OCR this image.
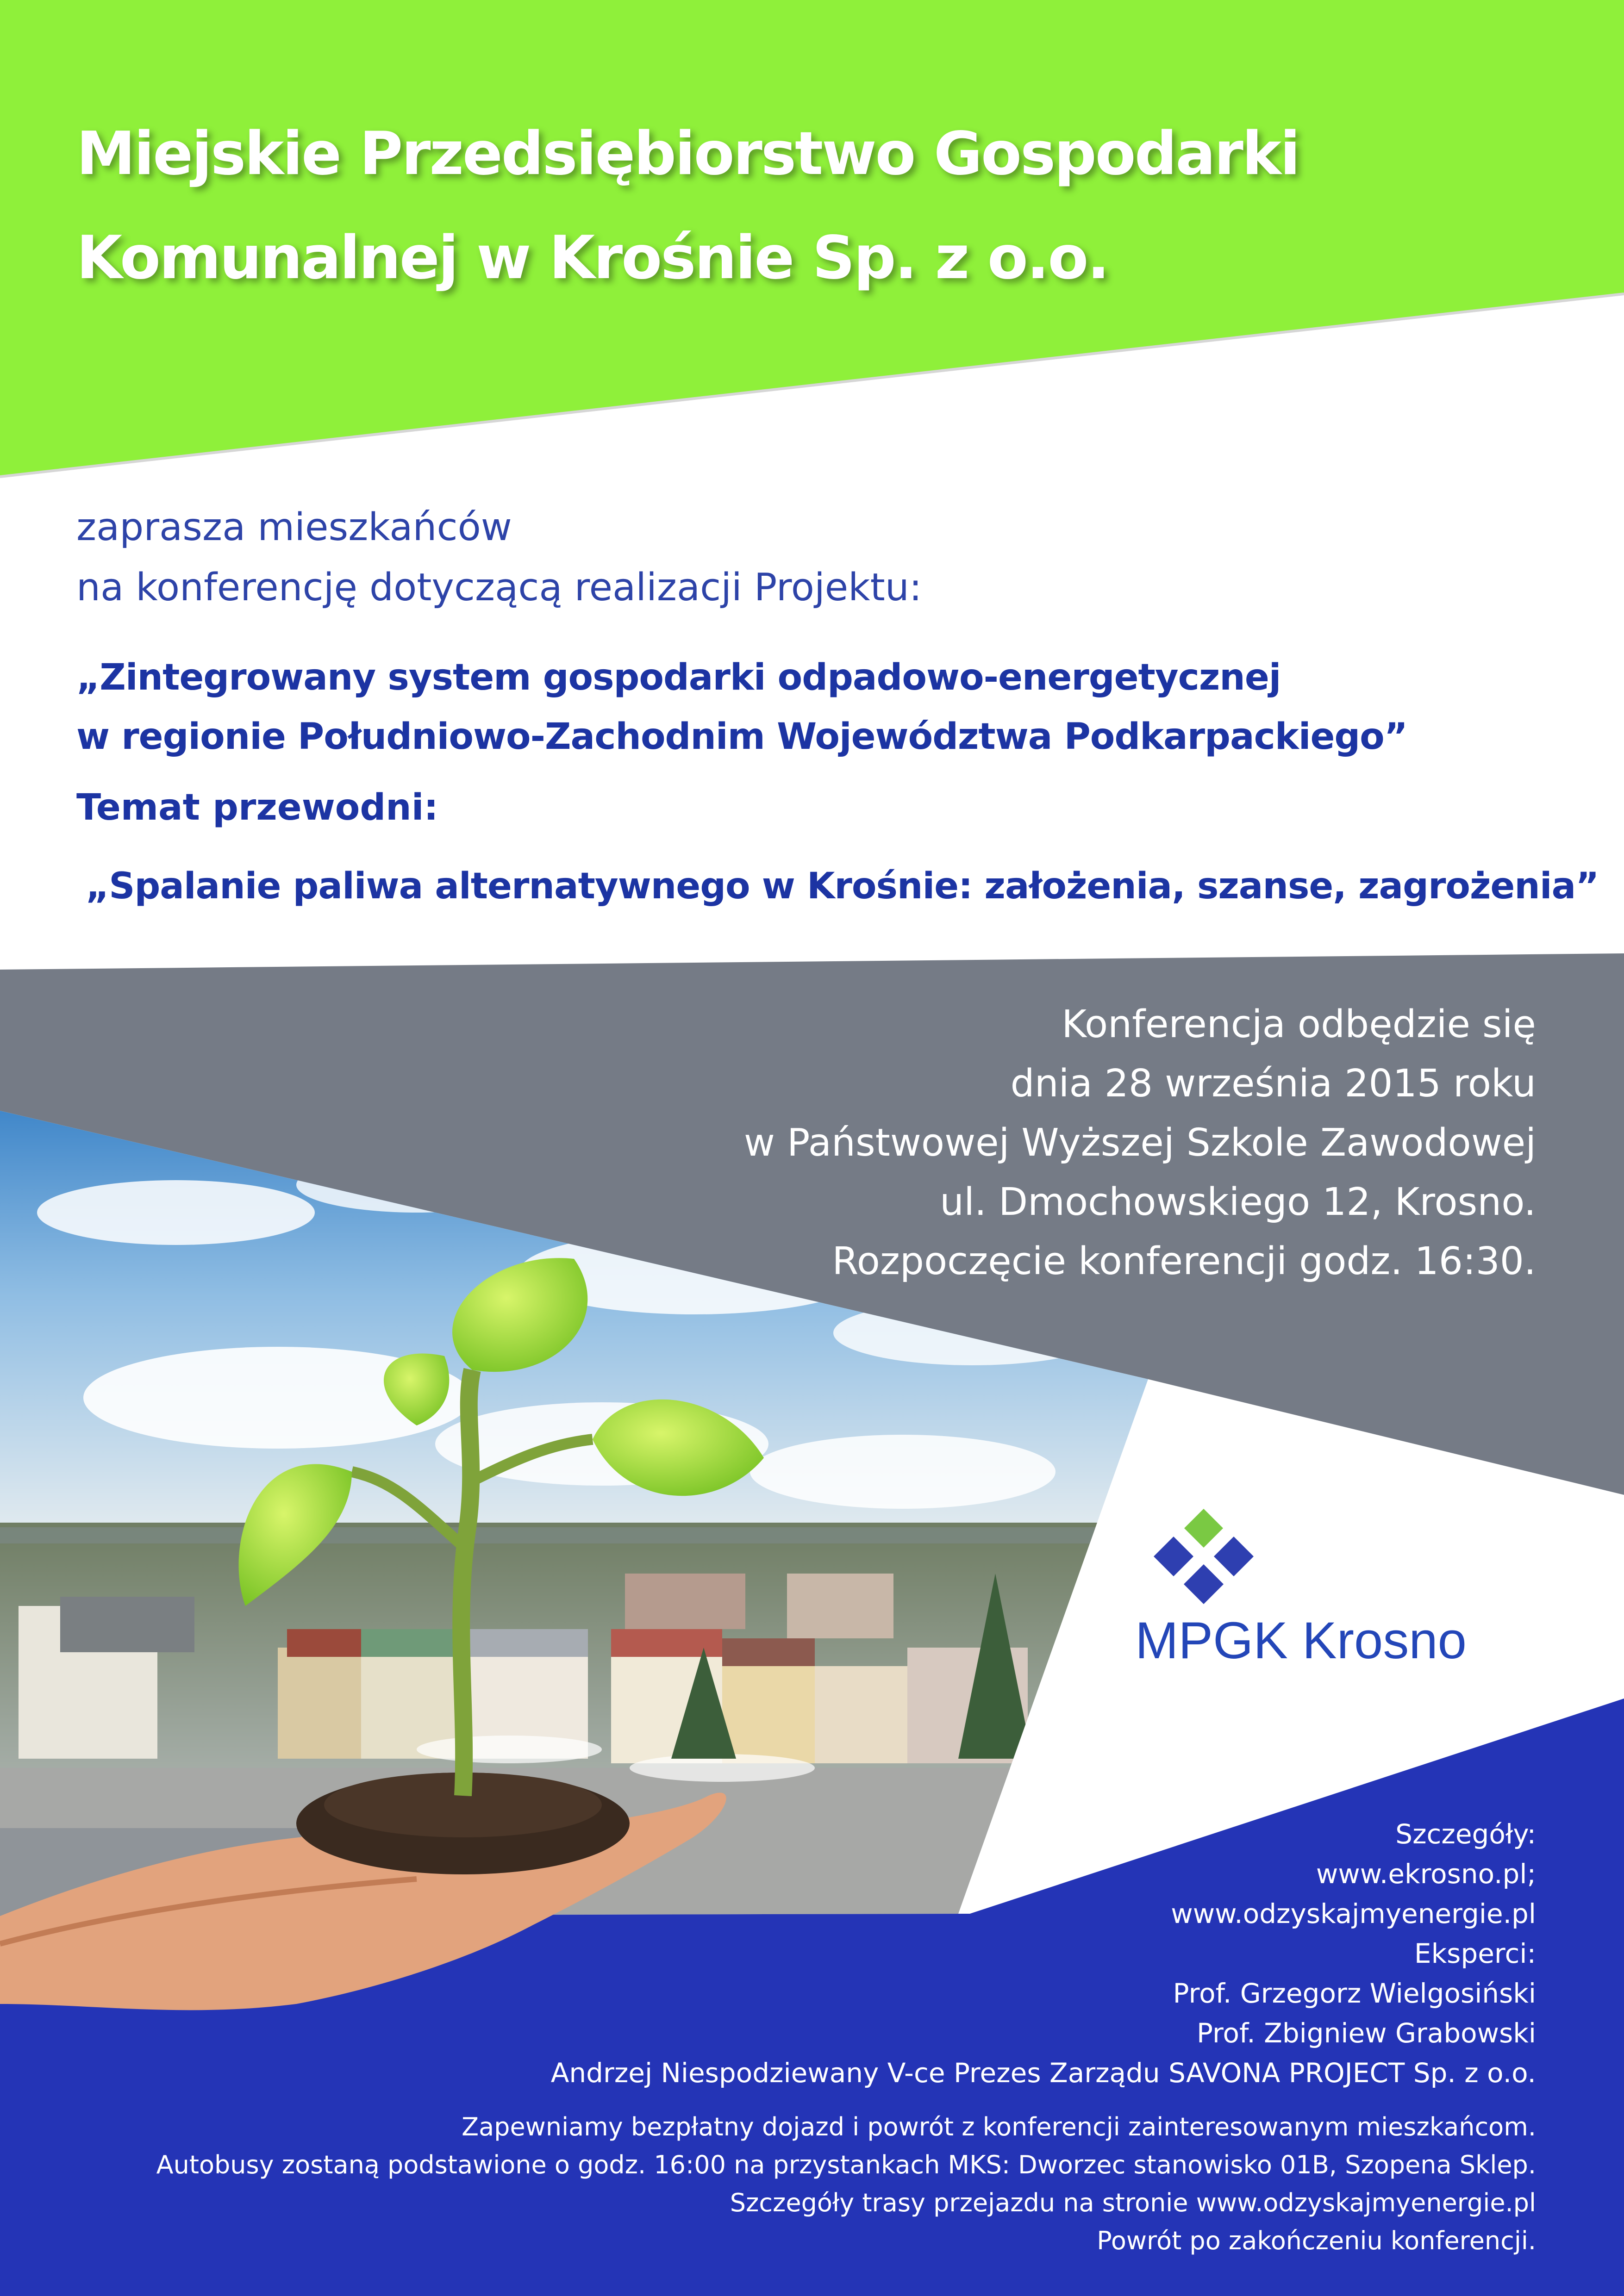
Miejskie Przedsiębiorstwo Gospodarki
Komunalnej w Krośnie Sp. z o.o.
zaprasza mieszkańców
na konferencję dotyczącą realizacji Projektu:
„Zintegrowany system gospodarki odpadowo-energetycznej
w regionie Południowo-Zachodnim Województwa Podkarpackiego”
Temat przewodni:
„Spalanie paliwa alternatywnego w Krośnie: założenia, szanse, zagrożenia”
Konferencja odbędzie się
dnia 28 września 2015 roku
w Państwowej Wyższej Szkole Zawodowej
ul. Dmochowskiego 12, Krosno.
Rozpoczęcie konferencji godz. 16:30.
MPGK Krosno
Szczegóły:
www.ekrosno.pl;
www.odzyskajmyenergie.pl
Eksperci:
Prof. Grzegorz Wielgosiński
Prof. Zbigniew Grabowski
Andrzej Niespodziewany V-ce Prezes Zarządu SAVONA PROJECT Sp. z o.o.
Zapewniamy bezpłatny dojazd i powrót z konferencji zainteresowanym mieszkańcom.
Autobusy zostaną podstawione o godz. 16:00 na przystankach MKS: Dworzec stanowisko 01B, Szopena Sklep.
Szczegóły trasy przejazdu na stronie www.odzyskajmyenergie.pl
Powrót po zakończeniu konferencji.
